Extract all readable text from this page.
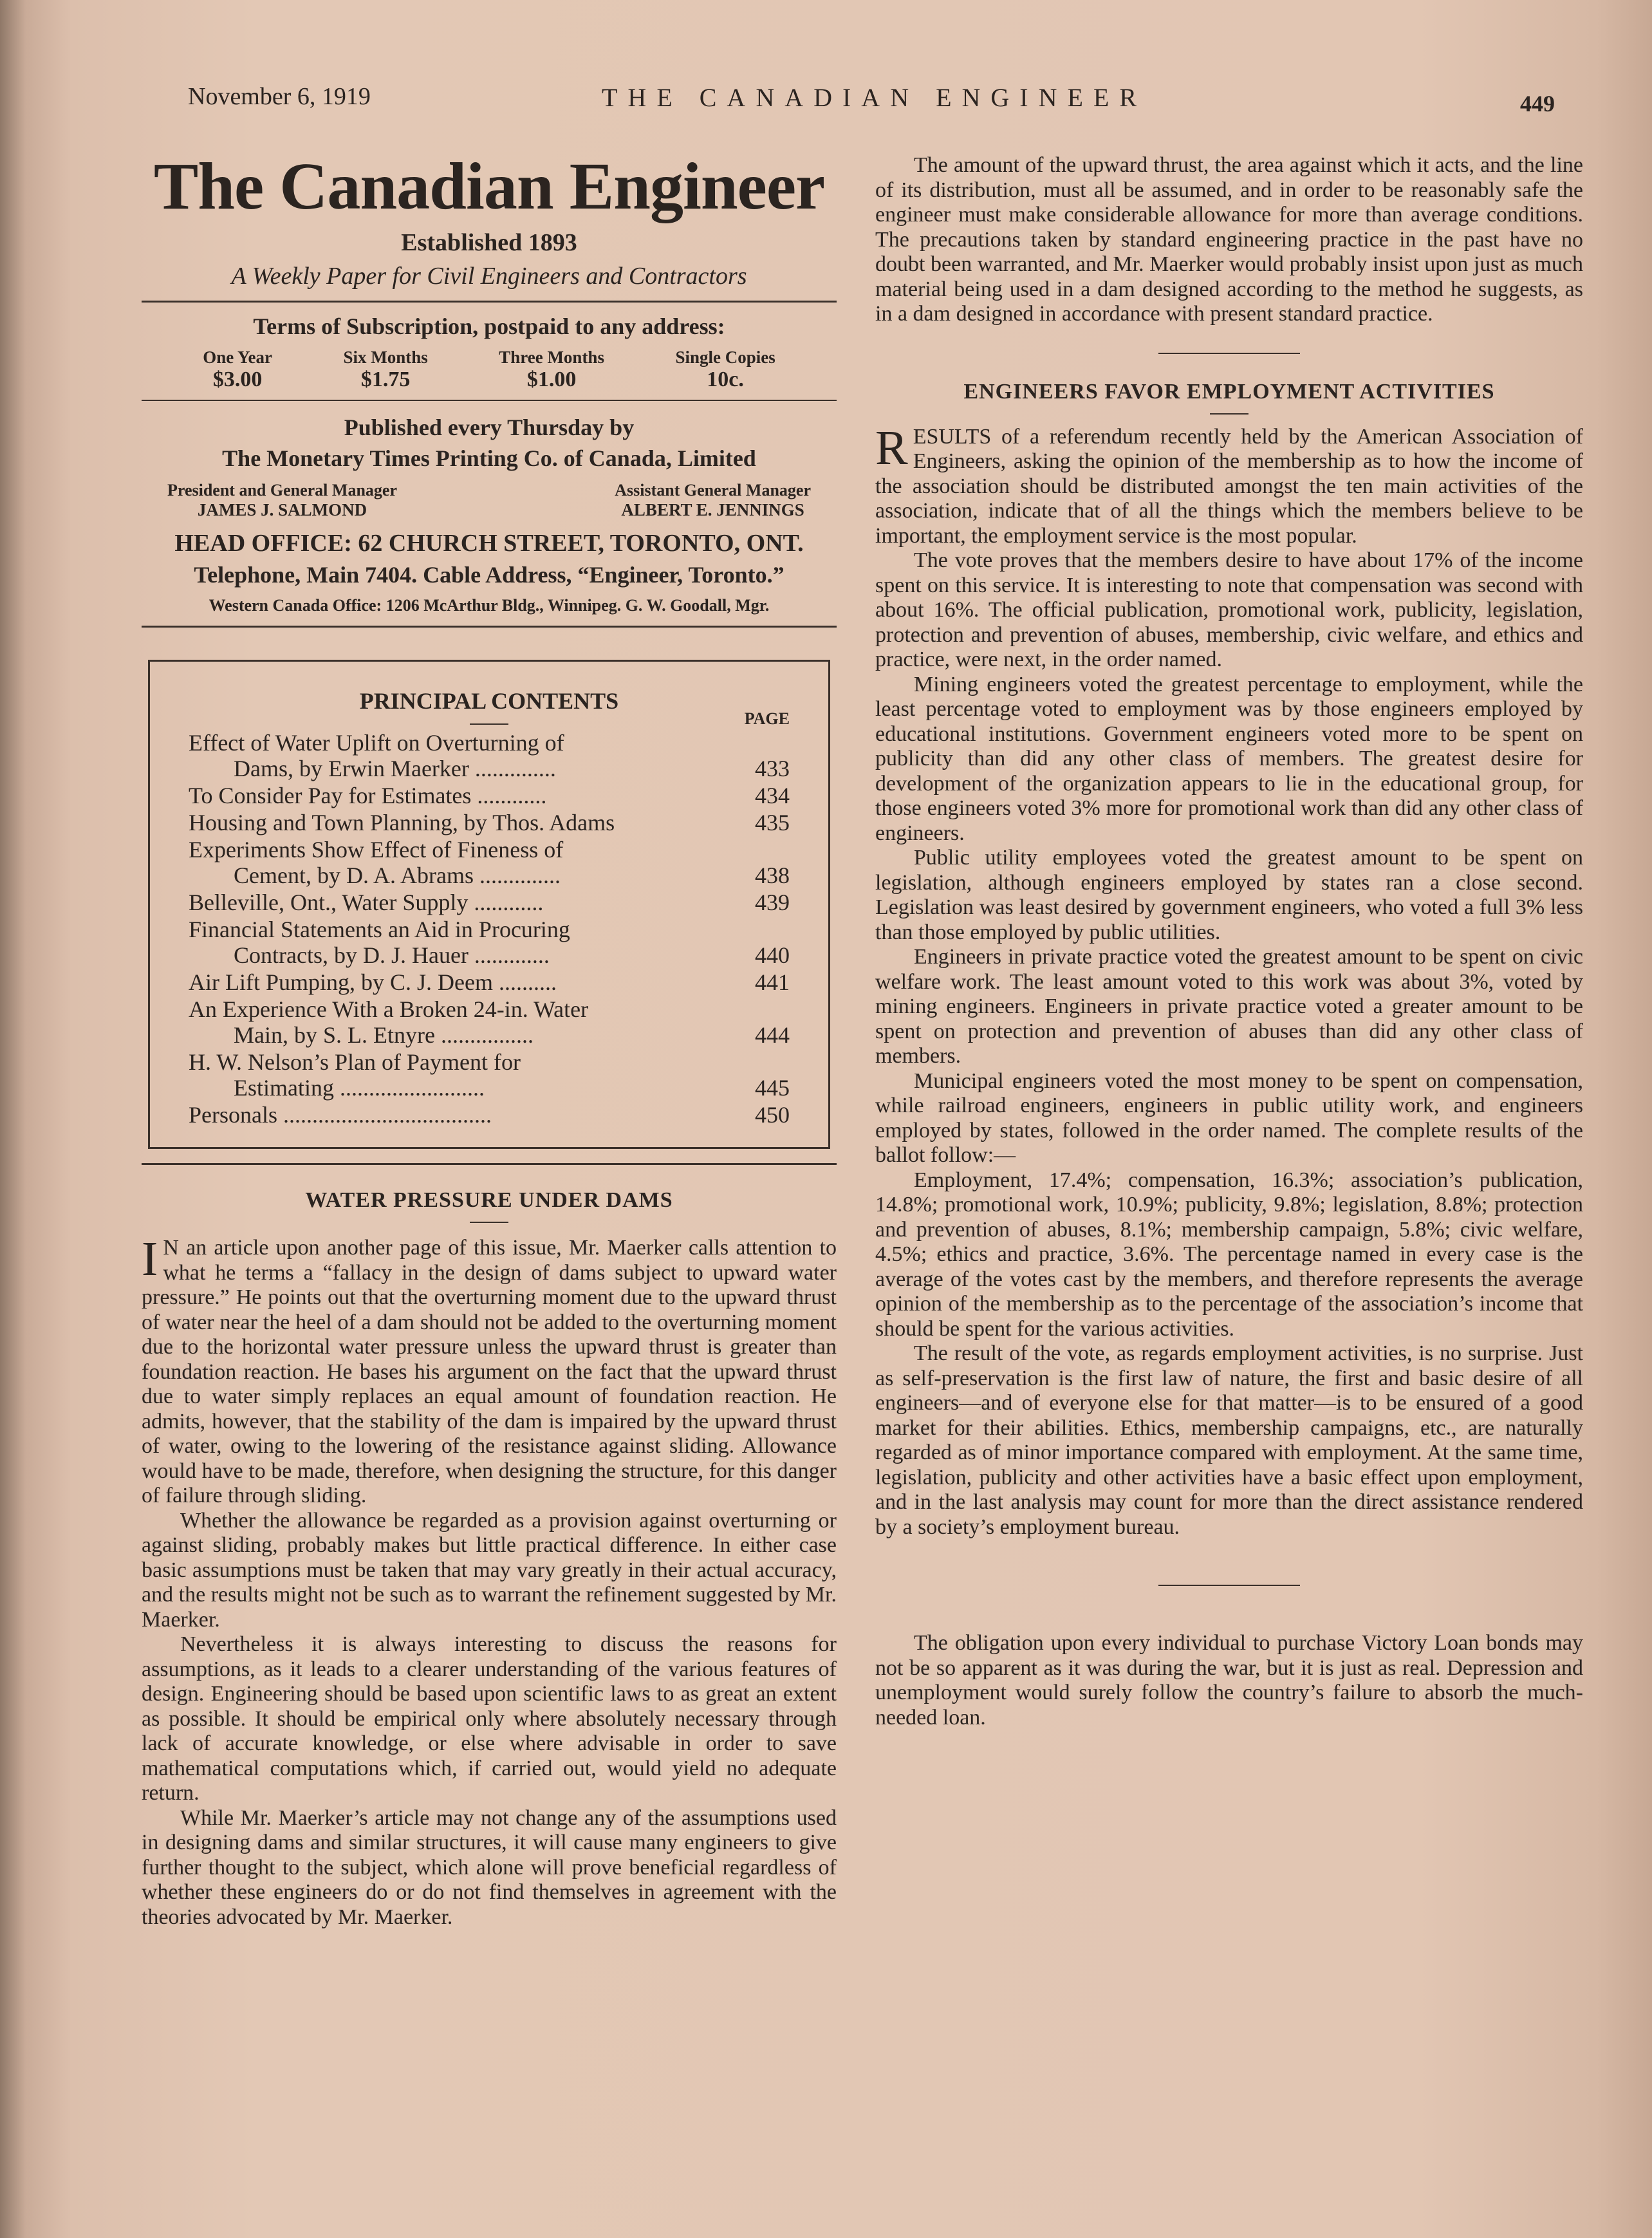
November 6, 1919	THE CANADIAN ENGINEER	449
The Canadian Engineer
Established 1893
A Weekly Paper for Civil Engineers and Contractors
Terms of Subscription, postpaid to any address:
One Year
$3.00
Six Months
$1.75
Three Months
$1.00
Single Copies
10c.
Published every Thursday by
The Monetary Times Printing Co. of Canada, Limited
President and General Manager
JAMES J. SALMOND
Assistant General Manager
ALBERT E. JENNINGS
HEAD OFFICE: 62 CHURCH STREET, TORONTO, ONT.
Telephone, Main 7404. Cable Address, “Engineer, Toronto.”
Western Canada Office: 1206 McArthur Bldg., Winnipeg. G. W. Goodall, Mgr.
PRINCIPAL CONTENTS
PAGE
Effect of Water Uplift on Overturning of
Dams, by Erwin Maerker ..............	433
To Consider Pay for Estimates ............	434
Housing and Town Planning, by Thos. Adams	435
Experiments Show Effect of Fineness of
Cement, by D. A. Abrams ..............	438
Belleville, Ont., Water Supply ............	439
Financial Statements an Aid in Procuring
Contracts, by D. J. Hauer .............	440
Air Lift Pumping, by C. J. Deem ..........	441
An Experience With a Broken 24-in. Water
Main, by S. L. Etnyre ................	444
H. W. Nelson’s Plan of Payment for
Estimating .........................	445
Personals ....................................	450
WATER PRESSURE UNDER DAMS

I N an article upon another page of this issue, Mr. Maerker calls attention to what he terms a “fallacy in the design of dams subject to upward water pressure.” He points out that the overturning moment due to the upward thrust of water near the heel of a dam should not be added to the overturning moment due to the horizontal water pressure unless the upward thrust is greater than foundation reaction. He bases his argument on the fact that the upward thrust due to water simply replaces an equal amount of foundation reaction. He admits, however, that the stability of the dam is impaired by the upward thrust of water, owing to the lowering of the resistance against sliding. Allowance would have to be made, therefore, when designing the structure, for this danger of failure through sliding.

Whether the allowance be regarded as a provision against overturning or against sliding, probably makes but little practical difference. In either case basic assumptions must be taken that may vary greatly in their actual accuracy, and the results might not be such as to warrant the refinement suggested by Mr. Maerker.

Nevertheless it is always interesting to discuss the reasons for assumptions, as it leads to a clearer understanding of the various features of design. Engineering should be based upon scientific laws to as great an extent as possible. It should be empirical only where absolutely necessary through lack of accurate knowledge, or else where advisable in order to save mathematical computations which, if carried out, would yield no adequate return.

While Mr. Maerker’s article may not change any of the assumptions used in designing dams and similar structures, it will cause many engineers to give further thought to the subject, which alone will prove beneficial regardless of whether these engineers do or do not find themselves in agreement with the theories advocated by Mr. Maerker.

The amount of the upward thrust, the area against which it acts, and the line of its distribution, must all be assumed, and in order to be reasonably safe the engineer must make considerable allowance for more than average conditions. The precautions taken by standard engineering practice in the past have no doubt been warranted, and Mr. Maerker would probably insist upon just as much material being used in a dam designed according to the method he suggests, as in a dam designed in accordance with present standard practice.

ENGINEERS FAVOR EMPLOYMENT ACTIVITIES

RESULTS of a referendum recently held by the American Association of Engineers, asking the opinion of the membership as to how the income of the association should be distributed amongst the ten main activities of the association, indicate that of all the things which the members believe to be important, the employment service is the most popular.

The vote proves that the members desire to have about 17% of the income spent on this service. It is interesting to note that compensation was second with about 16%. The official publication, promotional work, publicity, legislation, protection and prevention of abuses, membership, civic welfare, and ethics and practice, were next, in the order named.

Mining engineers voted the greatest percentage to employment, while the least percentage voted to employment was by those engineers employed by educational institutions. Government engineers voted more to be spent on publicity than did any other class of members. The greatest desire for development of the organization appears to lie in the educational group, for those engineers voted 3% more for promotional work than did any other class of engineers.

Public utility employees voted the greatest amount to be spent on legislation, although engineers employed by states ran a close second. Legislation was least desired by government engineers, who voted a full 3% less than those employed by public utilities.

Engineers in private practice voted the greatest amount to be spent on civic welfare work. The least amount voted to this work was about 3%, voted by mining engineers. Engineers in private practice voted a greater amount to be spent on protection and prevention of abuses than did any other class of members.

Municipal engineers voted the most money to be spent on compensation, while railroad engineers, engineers in public utility work, and engineers employed by states, followed in the order named. The complete results of the ballot follow:—

Employment, 17.4%; compensation, 16.3%; association’s publication, 14.8%; promotional work, 10.9%; publicity, 9.8%; legislation, 8.8%; protection and prevention of abuses, 8.1%; membership campaign, 5.8%; civic welfare, 4.5%; ethics and practice, 3.6%. The percentage named in every case is the average of the votes cast by the members, and therefore represents the average opinion of the membership as to the percentage of the association’s income that should be spent for the various activities.

The result of the vote, as regards employment activities, is no surprise. Just as self-preservation is the first law of nature, the first and basic desire of all engineers—and of everyone else for that matter—is to be ensured of a good market for their abilities. Ethics, membership campaigns, etc., are naturally regarded as of minor importance compared with employment. At the same time, legislation, publicity and other activities have a basic effect upon employment, and in the last analysis may count for more than the direct assistance rendered by a society’s employment bureau.

The obligation upon every individual to purchase Victory Loan bonds may not be so apparent as it was during the war, but it is just as real. Depression and unemployment would surely follow the country’s failure to absorb the much-needed loan.
